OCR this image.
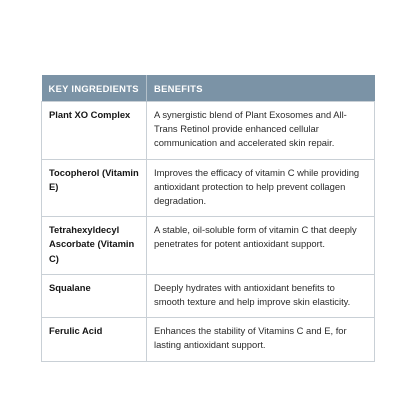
KEY INGREDIENTS	BENEFITS
Plant XO Complex	A synergistic blend of Plant Exosomes and All-Trans Retinol provide enhanced cellular communication and accelerated skin repair.
Tocopherol (Vitamin E)	Improves the efficacy of vitamin C while providing antioxidant protection to help prevent collagen degradation.
Tetrahexyldecyl Ascorbate (Vitamin C)	A stable, oil-soluble form of vitamin C that deeply penetrates for potent antioxidant support.
Squalane	Deeply hydrates with antioxidant benefits to smooth texture and help improve skin elasticity.
Ferulic Acid	Enhances the stability of Vitamins C and E, for lasting antioxidant support.
